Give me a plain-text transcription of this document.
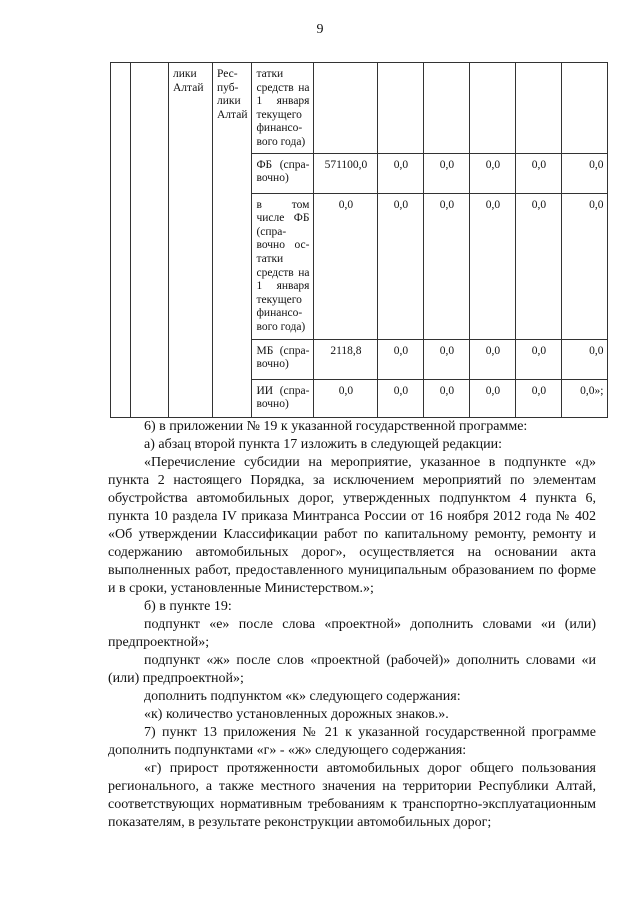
9
		лики Алтай	Рес-пуб-лики Алтай	татки средств на 1 января текущего финансо-вого года)						
				ФБ (спра-вочно)	571100,0	0,0	0,0	0,0	0,0	0,0
				в том числе ФБ (спра-вочно ос-татки средств на 1 января текущего финансо-вого года)	0,0	0,0	0,0	0,0	0,0	0,0
				МБ (спра-вочно)	2118,8	0,0	0,0	0,0	0,0	0,0
				ИИ (спра-вочно)	0,0	0,0	0,0	0,0	0,0	0,0»;

6) в приложении № 19 к указанной государственной программе:

а) абзац второй пункта 17 изложить в следующей редакции:

«Перечисление субсидии на мероприятие, указанное в подпункте «д» пункта 2 настоящего Порядка, за исключением мероприятий по элементам обустройства автомобильных дорог, утвержденных подпунктом 4 пункта 6, пункта 10 раздела IV приказа Минтранса России от 16 ноября 2012 года № 402 «Об утверждении Классификации работ по капитальному ремонту, ремонту и содержанию автомобильных дорог», осуществляется на основании акта выполненных работ, предоставленного муниципальным образованием по форме и в сроки, установленные Министерством.»;

б) в пункте 19:

подпункт «е» после слова «проектной» дополнить словами «и (или) предпроектной»;

подпункт «ж» после слов «проектной (рабочей)» дополнить словами «и (или) предпроектной»;

дополнить подпунктом «к» следующего содержания:

«к) количество установленных дорожных знаков.».

7) пункт 13 приложения № 21 к указанной государственной программе дополнить подпунктами «г» - «ж» следующего содержания:

«г) прирост протяженности автомобильных дорог общего пользования регионального, а также местного значения на территории Республики Алтай, соответствующих нормативным требованиям к транспортно-эксплуатационным показателям, в результате реконструкции автомобильных дорог;
